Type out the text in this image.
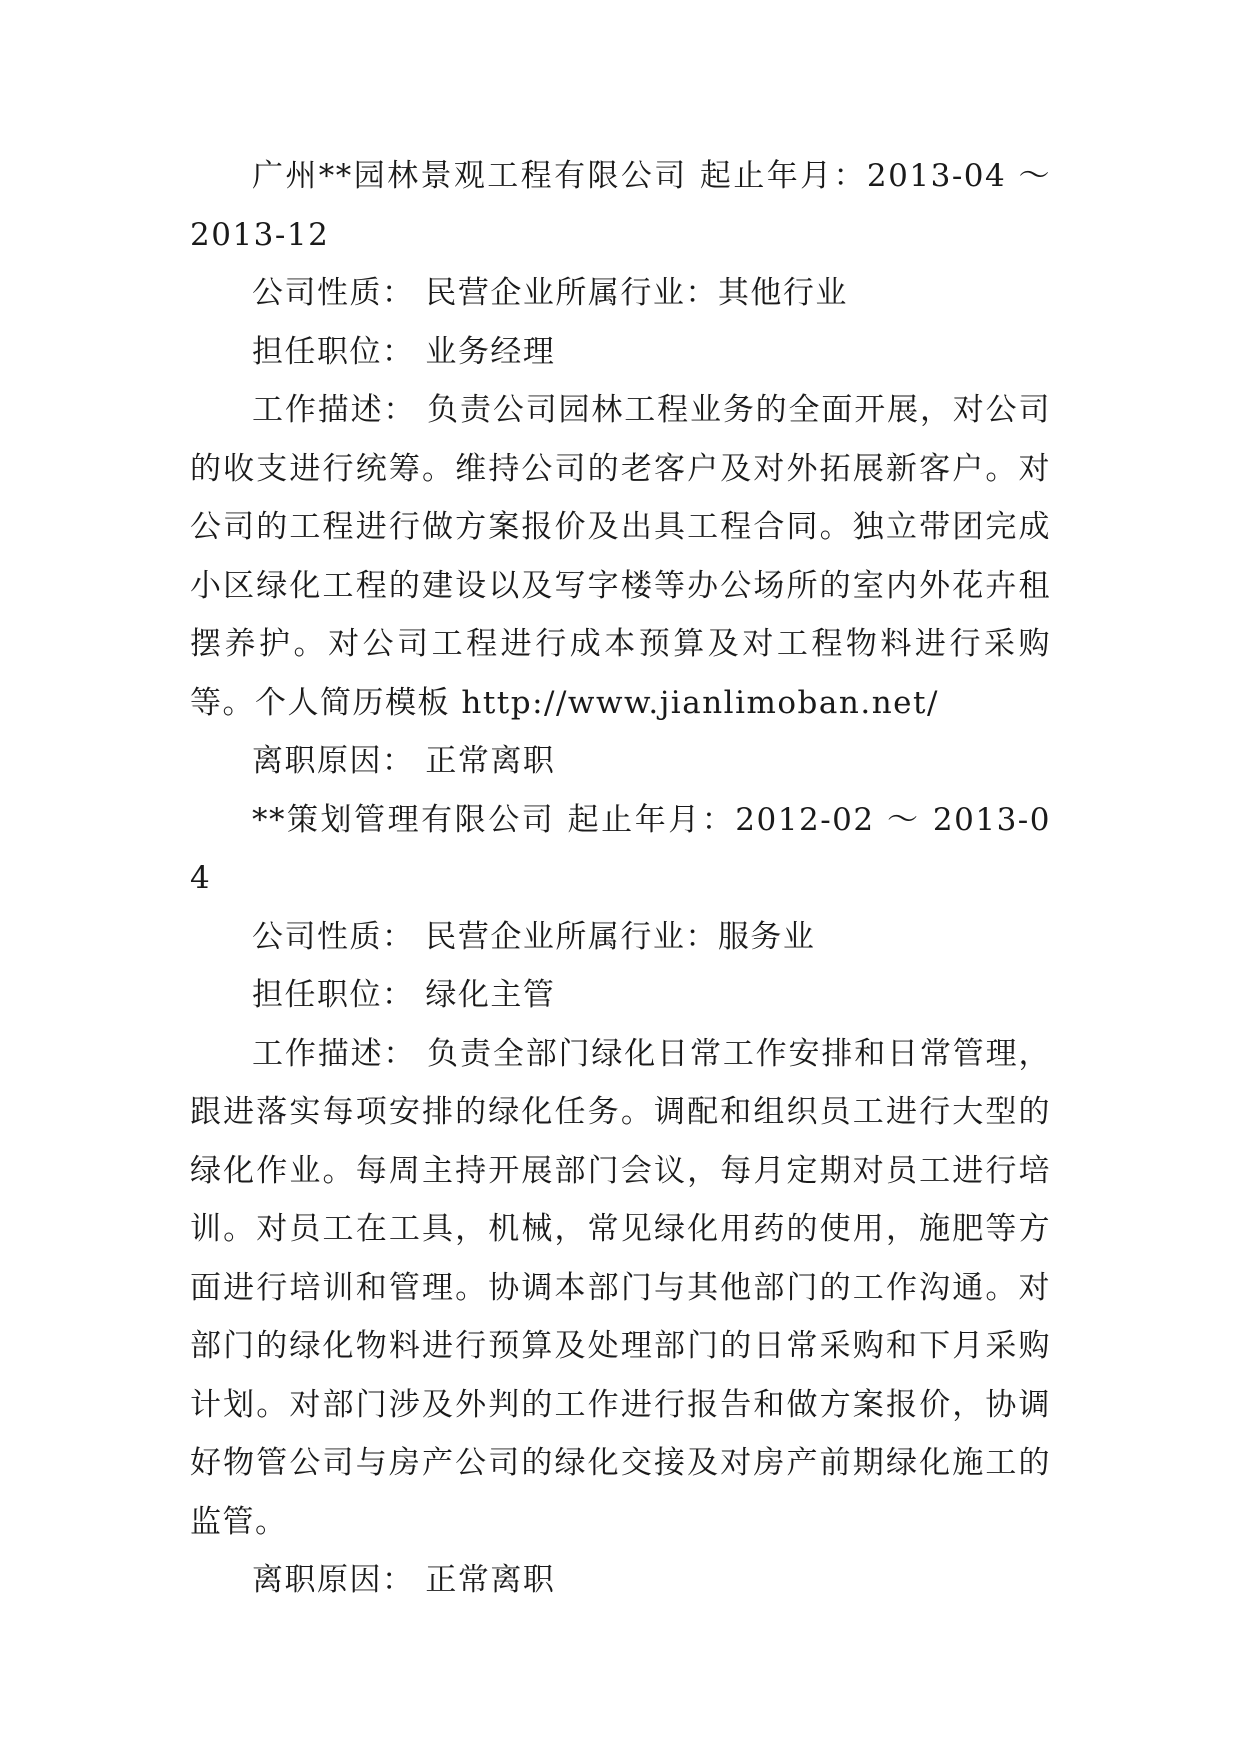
广州**园林景观工程有限公司 起止年月：2013-04 ～ 2013-12

公司性质： 民营企业所属行业：其他行业
担任职位： 业务经理

工作描述： 负责公司园林工程业务的全面开展，对公司的收支进行统筹。维持公司的老客户及对外拓展新客户。对公司的工程进行做方案报价及出具工程合同。独立带团完成小区绿化工程的建设以及写字楼等办公场所的室内外花卉租摆养护。对公司工程进行成本预算及对工程物料进行采购等。个人简历模板 http://www.jianlimoban.net/

离职原因： 正常离职

**策划管理有限公司 起止年月：2012-02 ～ 2013-04

公司性质： 民营企业所属行业：服务业
担任职位： 绿化主管

工作描述： 负责全部门绿化日常工作安排和日常管理，跟进落实每项安排的绿化任务。调配和组织员工进行大型的绿化作业。每周主持开展部门会议，每月定期对员工进行培训。对员工在工具，机械，常见绿化用药的使用，施肥等方面进行培训和管理。协调本部门与其他部门的工作沟通。对部门的绿化物料进行预算及处理部门的日常采购和下月采购计划。对部门涉及外判的工作进行报告和做方案报价，协调好物管公司与房产公司的绿化交接及对房产前期绿化施工的监管。

离职原因： 正常离职
